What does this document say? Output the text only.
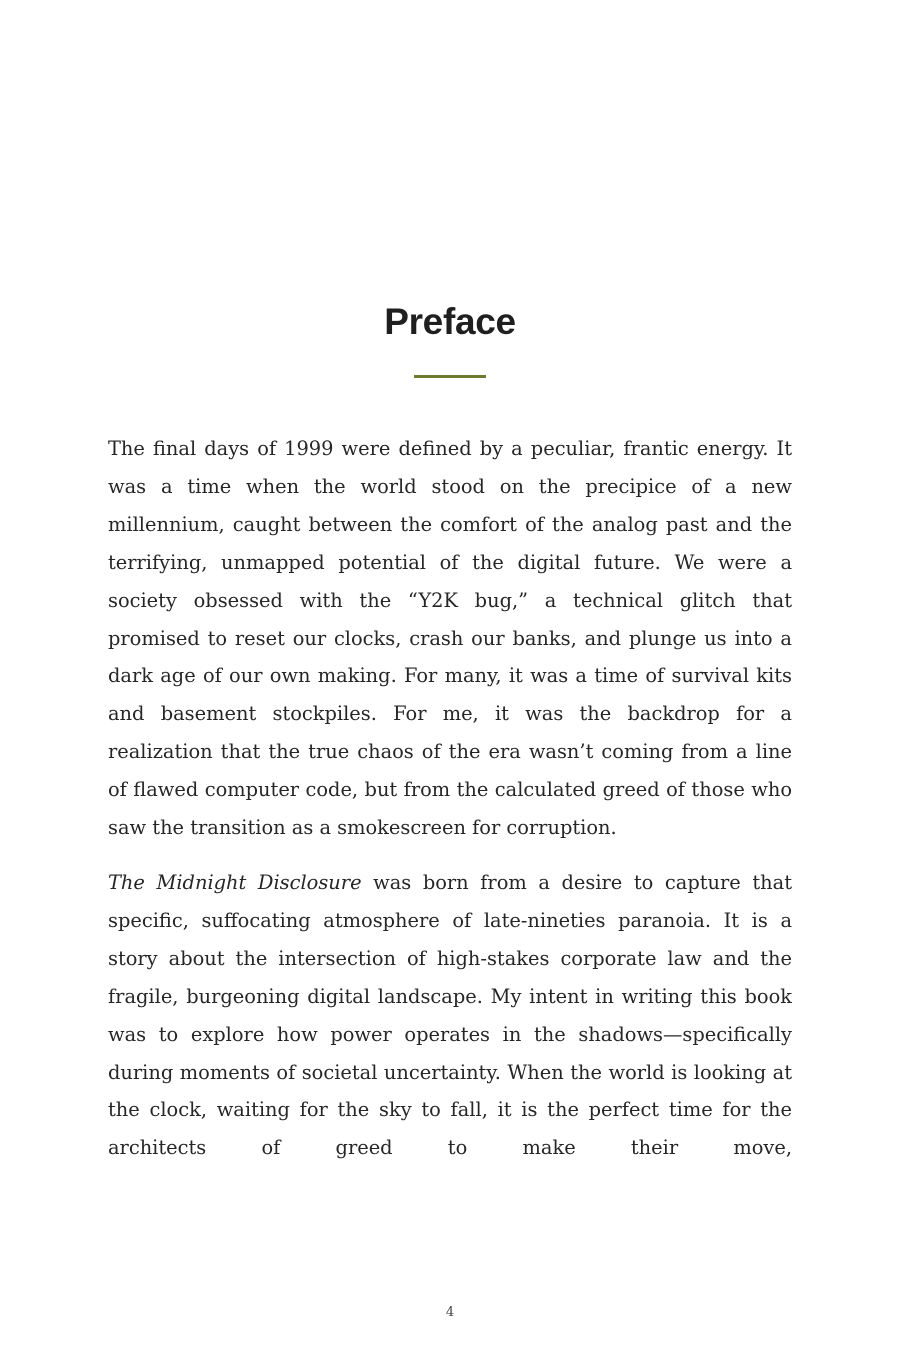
Preface

The final days of 1999 were defined by a peculiar, frantic energy. It was a time when the world stood on the precipice of a new millennium, caught between the comfort of the analog past and the terrifying, unmapped potential of the digital future. We were a society obsessed with the “Y2K bug,” a technical glitch that promised to reset our clocks, crash our banks, and plunge us into a dark age of our own making. For many, it was a time of survival kits and basement stockpiles. For me, it was the backdrop for a realization that the true chaos of the era wasn’t coming from a line of flawed computer code, but from the calculated greed of those who saw the transition as a smokescreen for corruption.

The Midnight Disclosure was born from a desire to capture that specific, suffocating atmosphere of late-nineties paranoia. It is a story about the intersection of high-stakes corporate law and the fragile, burgeoning digital landscape. My intent in writing this book was to explore how power operates in the shadows—specifically during moments of societal uncertainty. When the world is looking at the clock, waiting for the sky to fall, it is the perfect time for the architects of greed to make their move,

4
